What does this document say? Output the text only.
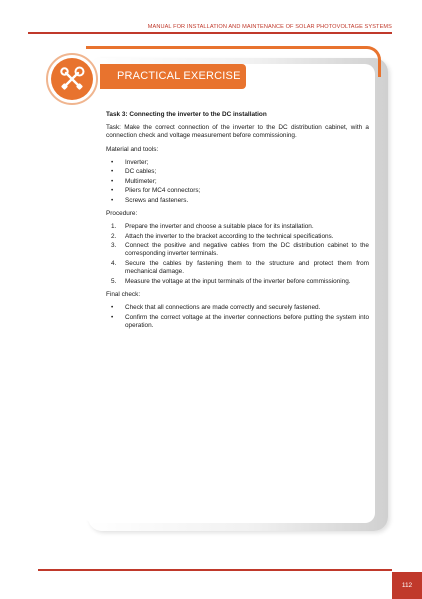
MANUAL FOR INSTALLATION AND MAINTENANCE OF SOLAR PHOTOVOLTAGE SYSTEMS
PRACTICAL EXERCISE

Task 3: Connecting the inverter to the DC installation

Task: Make the correct connection of the inverter to the DC distribution cabinet, with a connection check and voltage measurement before commissioning.

Material and tools:

• Inverter;
• DC cables;
• Multimeter;
• Pliers for MC4 connectors;
• Screws and fasteners.

Procedure:

1. Prepare the inverter and choose a suitable place for its installation.
2. Attach the inverter to the bracket according to the technical specifications.
3. Connect the positive and negative cables from the DC distribution cabinet to the corresponding inverter terminals.
4. Secure the cables by fastening them to the structure and protect them from mechanical damage.
5. Measure the voltage at the input terminals of the inverter before commissioning.

Final check:

• Check that all connections are made correctly and securely fastened.
• Confirm the correct voltage at the inverter connections before putting the system into operation.
112
